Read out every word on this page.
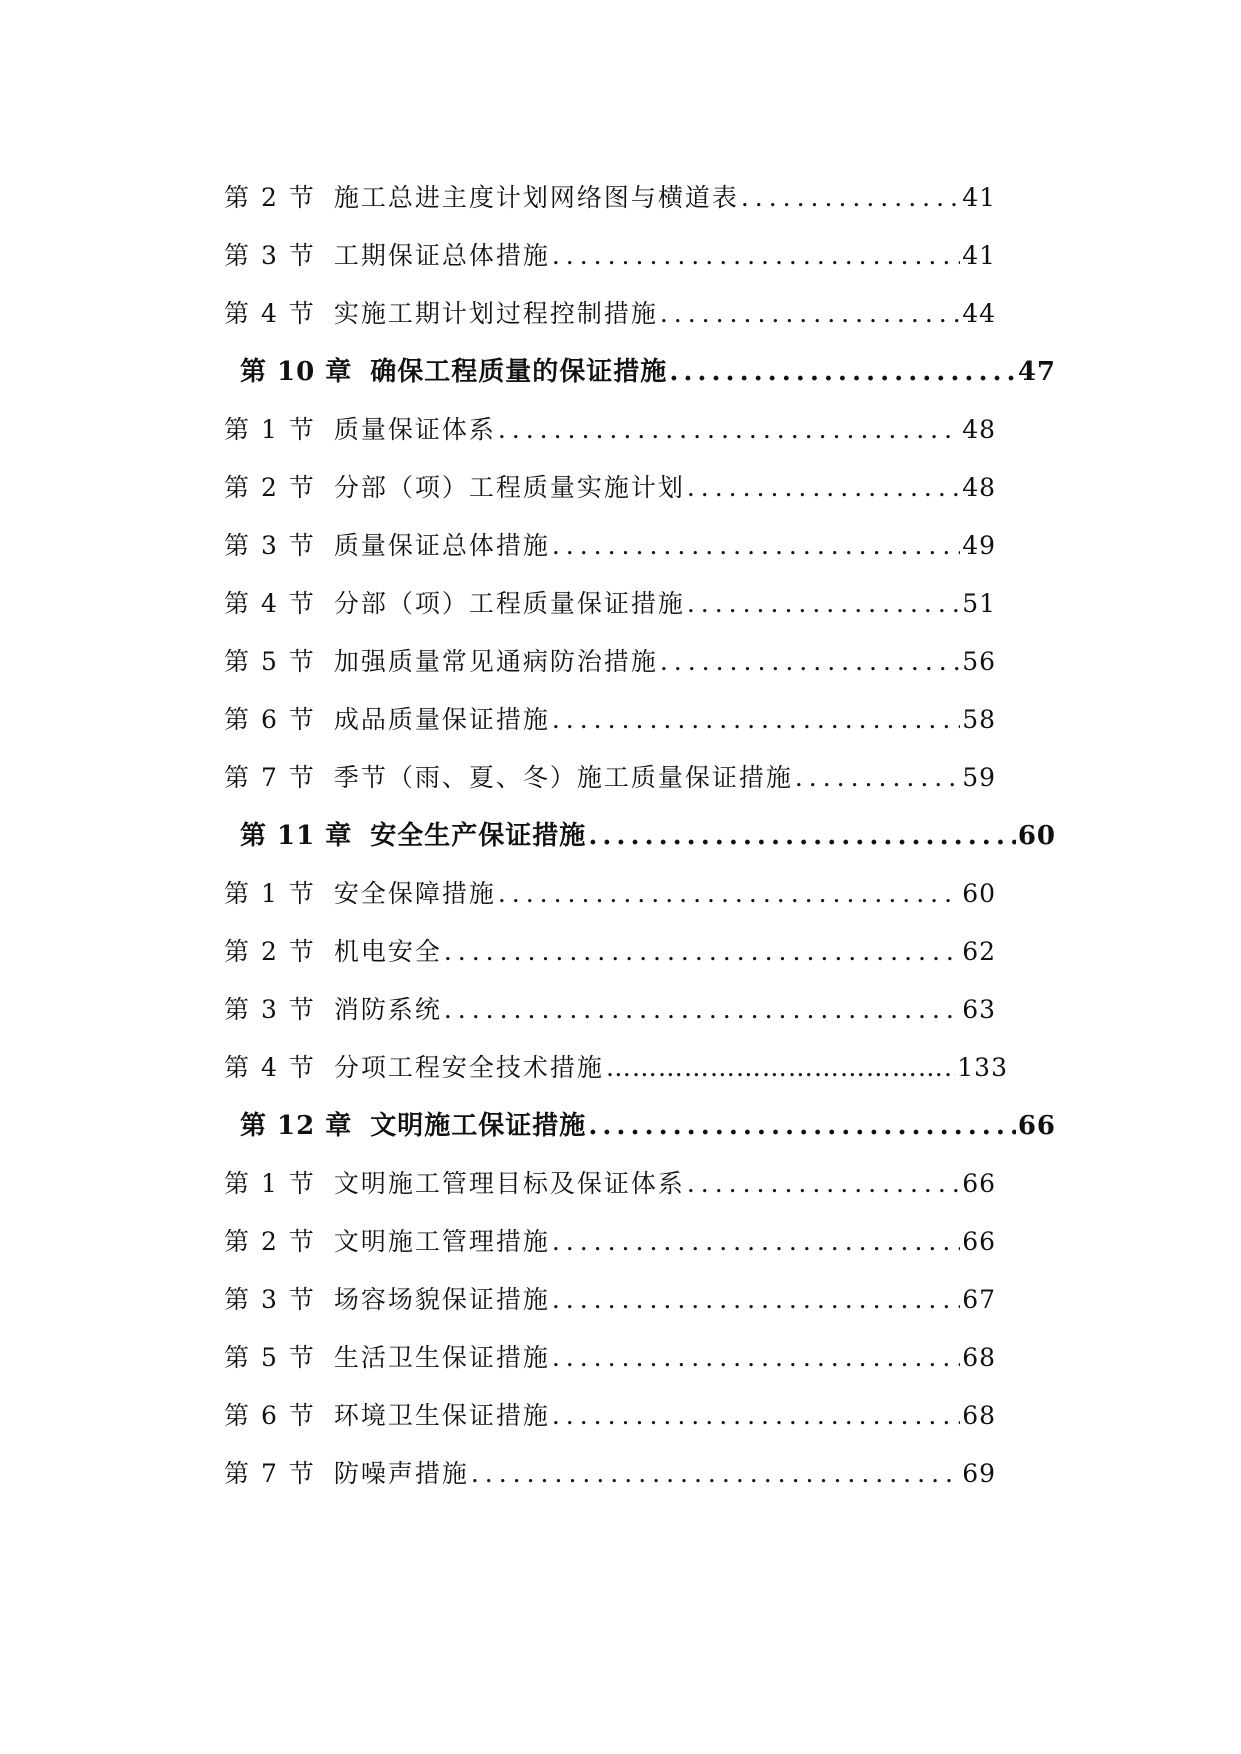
第 2 节 施工总进主度计划网络图与横道表 .....	41
第 3 节 工期保证总体措施 .....	41
第 4 节 实施工期计划过程控制措施 .....	44
第 10 章 确保工程质量的保证措施 .....	47
第 1 节 质量保证体系 .....	48
第 2 节 分部（项）工程质量实施计划 .....	48
第 3 节 质量保证总体措施 .....	49
第 4 节 分部（项）工程质量保证措施 .....	51
第 5 节 加强质量常见通病防治措施 .....	56
第 6 节 成品质量保证措施 .....	58
第 7 节 季节（雨、夏、冬）施工质量保证措施 .....	59
第 11 章 安全生产保证措施 .....	60
第 1 节 安全保障措施 .....	60
第 2 节 机电安全 .....	62
第 3 节 消防系统 .....	63
第 4 节 分项工程安全技术措施 ………………………………………………………………………………………………………………	133
第 12 章 文明施工保证措施 .....	66
第 1 节 文明施工管理目标及保证体系 .....	66
第 2 节 文明施工管理措施 .....	66
第 3 节 场容场貌保证措施 .....	67
第 5 节 生活卫生保证措施 .....	68
第 6 节 环境卫生保证措施 .....	68
第 7 节 防噪声措施 .....	69
